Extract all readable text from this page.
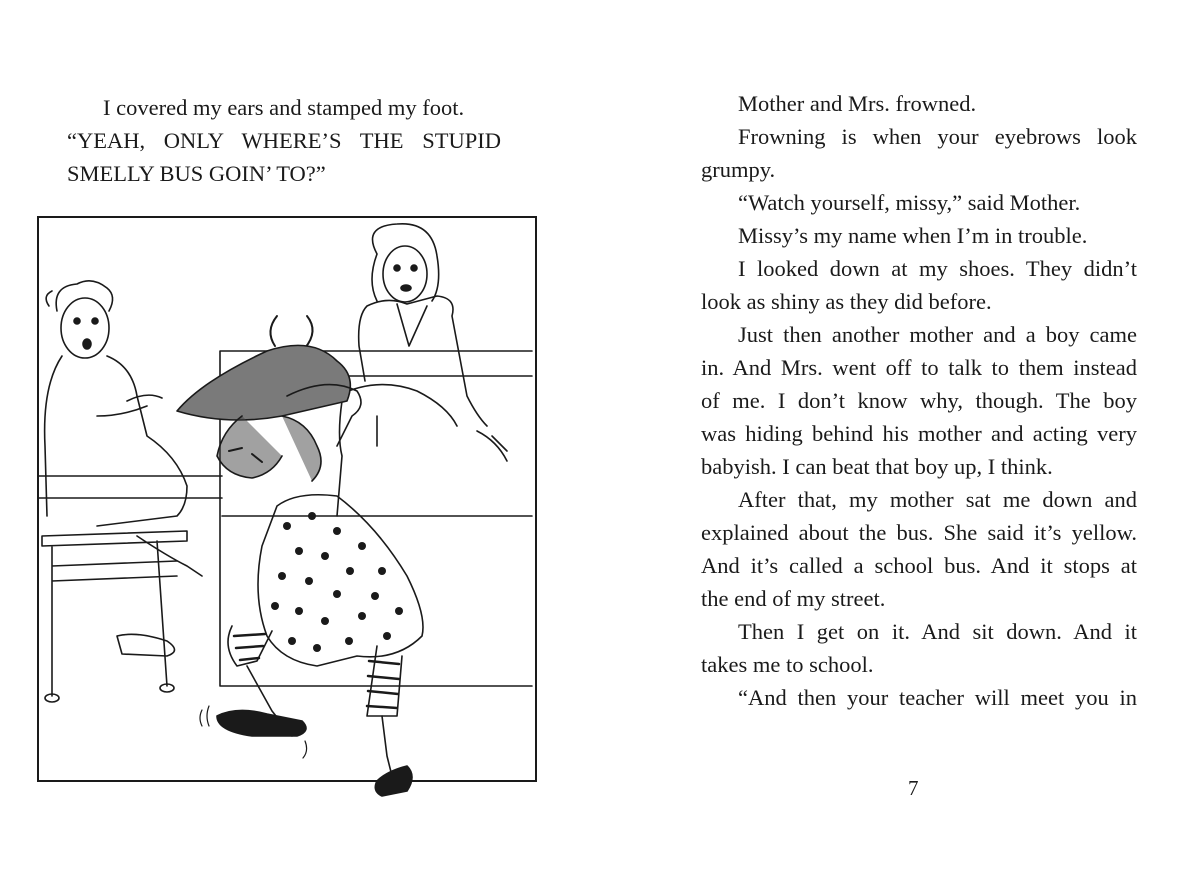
I covered my ears and stamped my foot.
“YEAH, ONLY WHERE’S THE STUPID
SMELLY BUS GOIN’ TO?”
Mother and Mrs. frowned.
Frowning is when your eyebrows look
grumpy.
“Watch yourself, missy,” said Mother.
Missy’s my name when I’m in trouble.
I looked down at my shoes. They didn’t
look as shiny as they did before.
Just then another mother and a boy came
in. And Mrs. went off to talk to them instead
of me. I don’t know why, though. The boy
was hiding behind his mother and acting very
babyish. I can beat that boy up, I think.
After that, my mother sat me down and
explained about the bus. She said it’s yellow.
And it’s called a school bus. And it stops at
the end of my street.
Then I get on it. And sit down. And it
takes me to school.
“And then your teacher will meet you in
7
